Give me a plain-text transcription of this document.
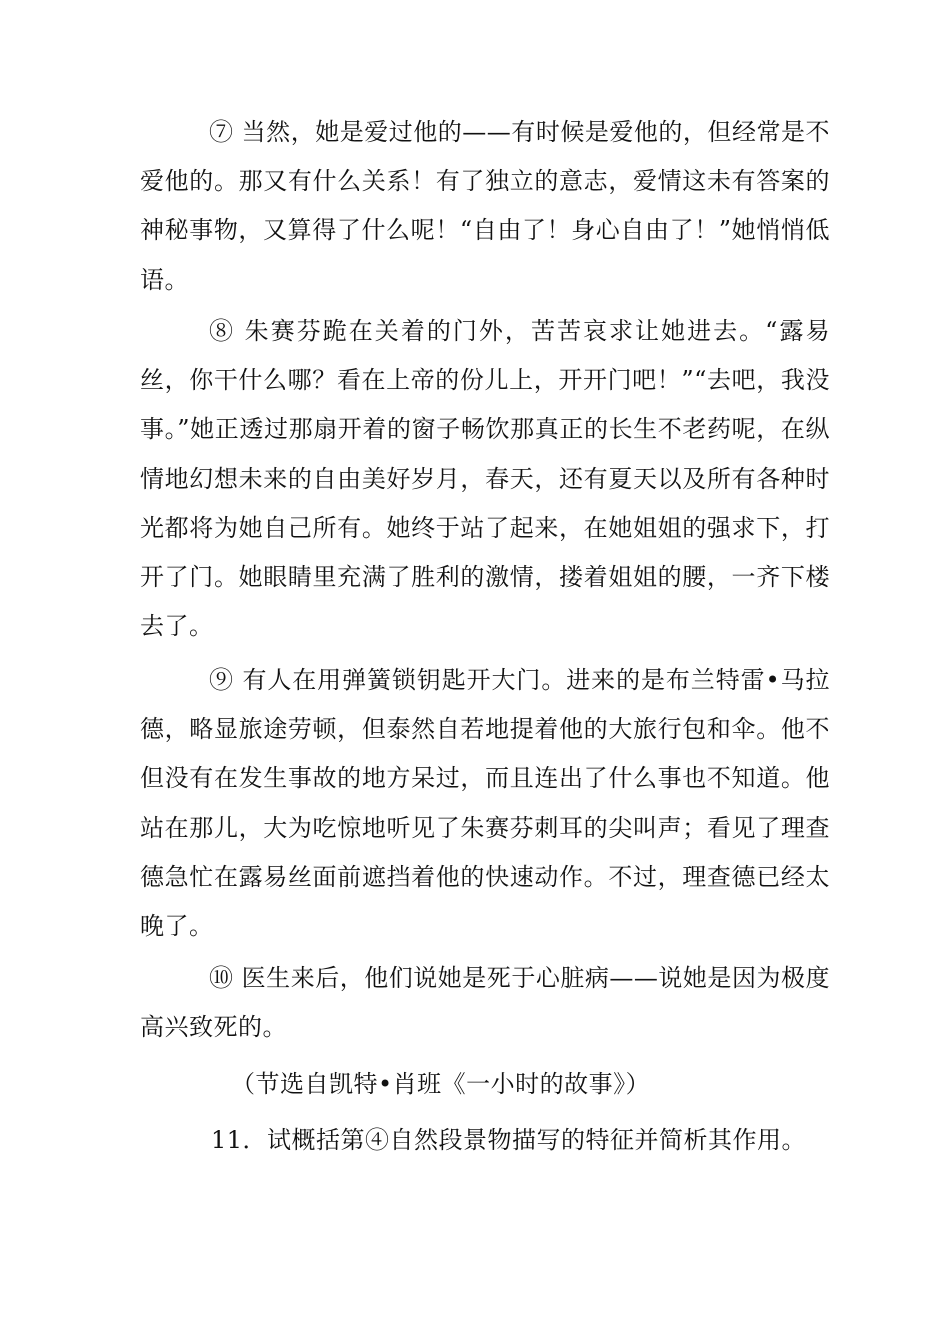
⑦ 当然，她是爱过他的——有时候是爱他的，但经常是不爱他的。那又有什么关系！有了独立的意志，爱情这未有答案的神秘事物，又算得了什么呢！“自由了！身心自由了！”她悄悄低语。

⑧ 朱赛芬跪在关着的门外，苦苦哀求让她进去。“露易丝，你干什么哪？看在上帝的份儿上，开开门吧！”“去吧，我没事。”她正透过那扇开着的窗子畅饮那真正的长生不老药呢，在纵情地幻想未来的自由美好岁月，春天，还有夏天以及所有各种时光都将为她自己所有。她终于站了起来，在她姐姐的强求下，打开了门。她眼睛里充满了胜利的激情，搂着姐姐的腰，一齐下楼去了。

⑨ 有人在用弹簧锁钥匙开大门。进来的是布兰特雷•马拉德，略显旅途劳顿，但泰然自若地提着他的大旅行包和伞。他不但没有在发生事故的地方呆过，而且连出了什么事也不知道。他站在那儿，大为吃惊地听见了朱赛芬刺耳的尖叫声；看见了理查德急忙在露易丝面前遮挡着他的快速动作。不过，理查德已经太晚了。

⑩ 医生来后，他们说她是死于心脏病——说她是因为极度高兴致死的。

（节选自凯特•肖班《一小时的故事》）

11．试概括第④自然段景物描写的特征并简析其作用。
